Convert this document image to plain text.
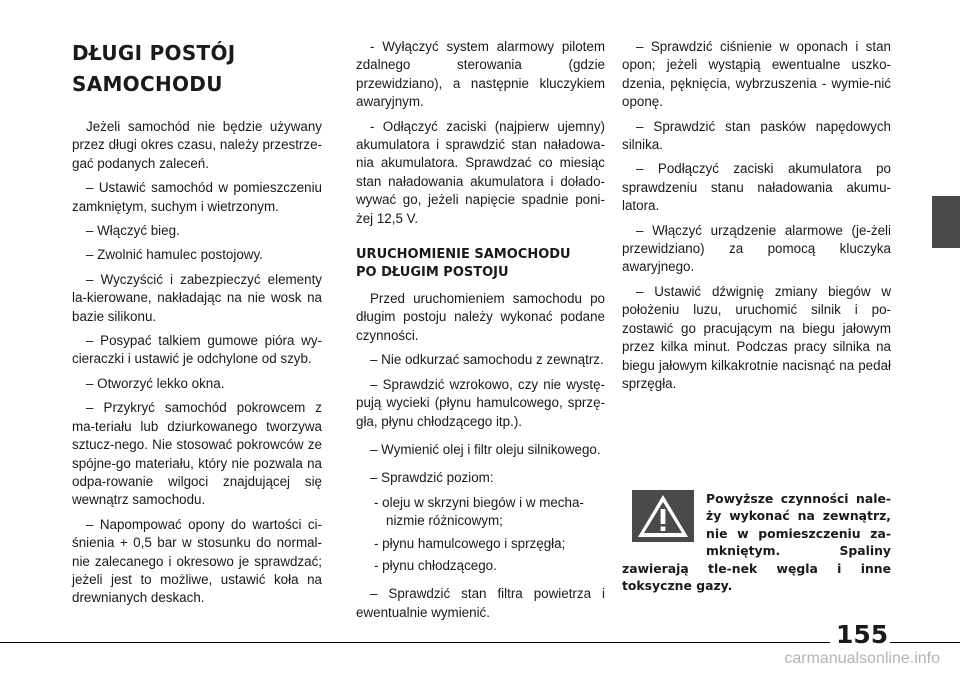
DŁUGI POSTÓJ
SAMOCHODU

Jeżeli samochód nie będzie używany przez długi okres czasu, należy przestrze-gać podanych zaleceń.

– Ustawić samochód w pomieszczeniu zamkniętym, suchym i wietrzonym.

– Włączyć bieg.

– Zwolnić hamulec postojowy.

– Wyczyścić i zabezpieczyć elementy la-kierowane, nakładając na nie wosk na bazie silikonu.

– Posypać talkiem gumowe pióra wy-cieraczki i ustawić je odchylone od szyb.

– Otworzyć lekko okna.

– Przykryć samochód pokrowcem z ma-teriału lub dziurkowanego tworzywa sztucz-nego. Nie stosować pokrowców ze spójne-go materiału, który nie pozwala na odpa-rowanie wilgoci znajdującej się wewnątrz samochodu.

– Napompować opony do wartości ci-śnienia + 0,5 bar w stosunku do normal-nie zalecanego i okresowo je sprawdzać; jeżeli jest to możliwe, ustawić koła na drewnianych deskach.

- Wyłączyć system alarmowy pilotem zdalnego sterowania (gdzie przewidziano), a następnie kluczykiem awaryjnym.

- Odłączyć zaciski (najpierw ujemny) akumulatora i sprawdzić stan naładowa-nia akumulatora. Sprawdzać co miesiąc stan naładowania akumulatora i dołado-wywać go, jeżeli napięcie spadnie poni-żej 12,5 V.

URUCHOMIENIE SAMOCHODU
PO DŁUGIM POSTOJU

Przed uruchomieniem samochodu po długim postoju należy wykonać podane czynności.

– Nie odkurzać samochodu z zewnątrz.

– Sprawdzić wzrokowo, czy nie wystę-pują wycieki (płynu hamulcowego, sprzę-gła, płynu chłodzącego itp.).

– Wymienić olej i filtr oleju silnikowego.

– Sprawdzić poziom:

- oleju w skrzyni biegów i w mecha-nizmie różnicowym;

- płynu hamulcowego i sprzęgła;

- płynu chłodzącego.

– Sprawdzić stan filtra powietrza i ewentualnie wymienić.

– Sprawdzić ciśnienie w oponach i stan opon; jeżeli wystąpią ewentualne uszko-dzenia, pęknięcia, wybrzuszenia - wymie-nić oponę.

– Sprawdzić stan pasków napędowych silnika.

– Podłączyć zaciski akumulatora po sprawdzeniu stanu naładowania akumu-latora.

– Włączyć urządzenie alarmowe (je-żeli przewidziano) za pomocą kluczyka awaryjnego.

– Ustawić dźwignię zmiany biegów w położeniu luzu, uruchomić silnik i po-zostawić go pracującym na biegu jałowym przez kilka minut. Podczas pracy silnika na biegu jałowym kilkakrotnie nacisnąć na pedał sprzęgła.

Powyższe czynności nale-ży wykonać na zewnątrz, nie w pomieszczeniu za-mkniętym. Spaliny zawierają tle-nek węgla i inne toksyczne gazy.
155
carmanualsonline.info
